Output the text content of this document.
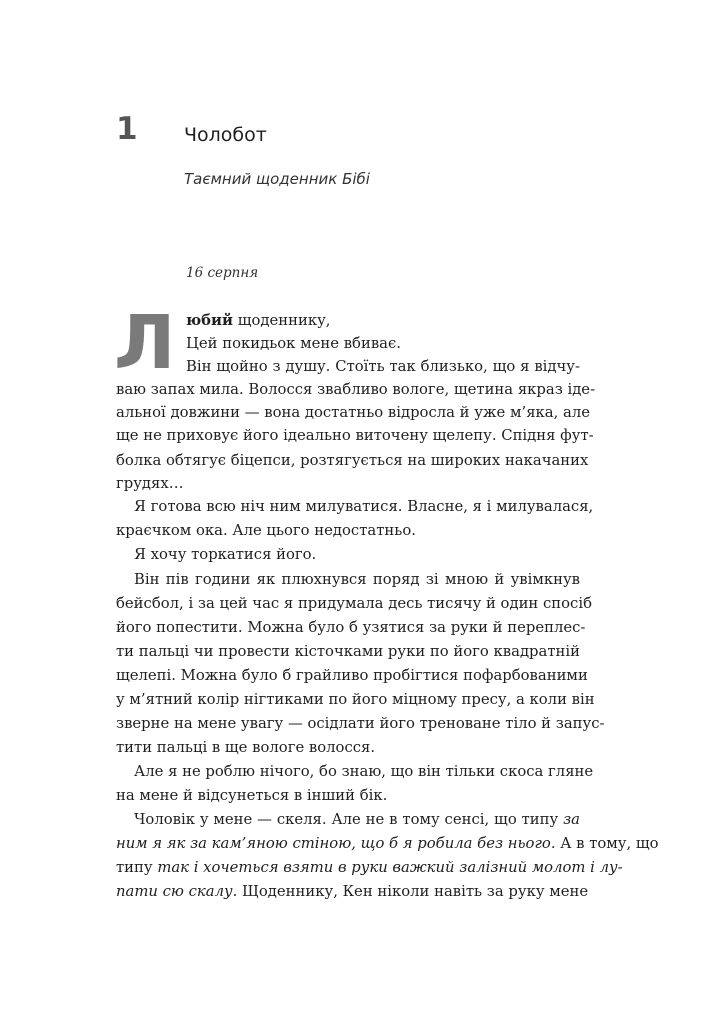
1 Чолобот
Таємний щоденник Бібі
16 серпня
Л юбий щоденнику,
Цей покидьок мене вбиває.
Він щойно з душу. Стоїть так близько, що я відчу-
ваю запах мила. Волосся звабливо вологе, щетина якраз іде-
альної довжини — вона достатньо відросла й уже м’яка, але
ще не приховує його ідеально виточену щелепу. Спідня фут-
болка обтягує біцепси, розтягується на широких накачаних
грудях…
Я готова всю ніч ним милуватися. Власне, я і милувалася,
краєчком ока. Але цього недостатньо.
Я хочу торкатися його.
Він пів години як плюхнувся поряд зі мною й увімкнув
бейсбол, і за цей час я придумала десь тисячу й один спосіб
його попестити. Можна було б узятися за руки й переплес-
ти пальці чи провести кісточками руки по його квадратній
щелепі. Можна було б грайливо пробігтися пофарбованими
у м’ятний колір нігтиками по його міцному пресу, а коли він
зверне на мене увагу — осідлати його треноване тіло й запус-
тити пальці в ще вологе волосся.
Але я не роблю нічого, бо знаю, що він тільки скоса гляне
на мене й відсунеться в інший бік.
Чоловік у мене — скеля. Але не в тому сенсі, що типу за
ним я як за кам’яною стіною, що б я робила без нього. А в тому, що
типу так і хочеться взяти в руки важкий залізний молот і лу-
пати сю скалу. Щоденнику, Кен ніколи навіть за руку мене
